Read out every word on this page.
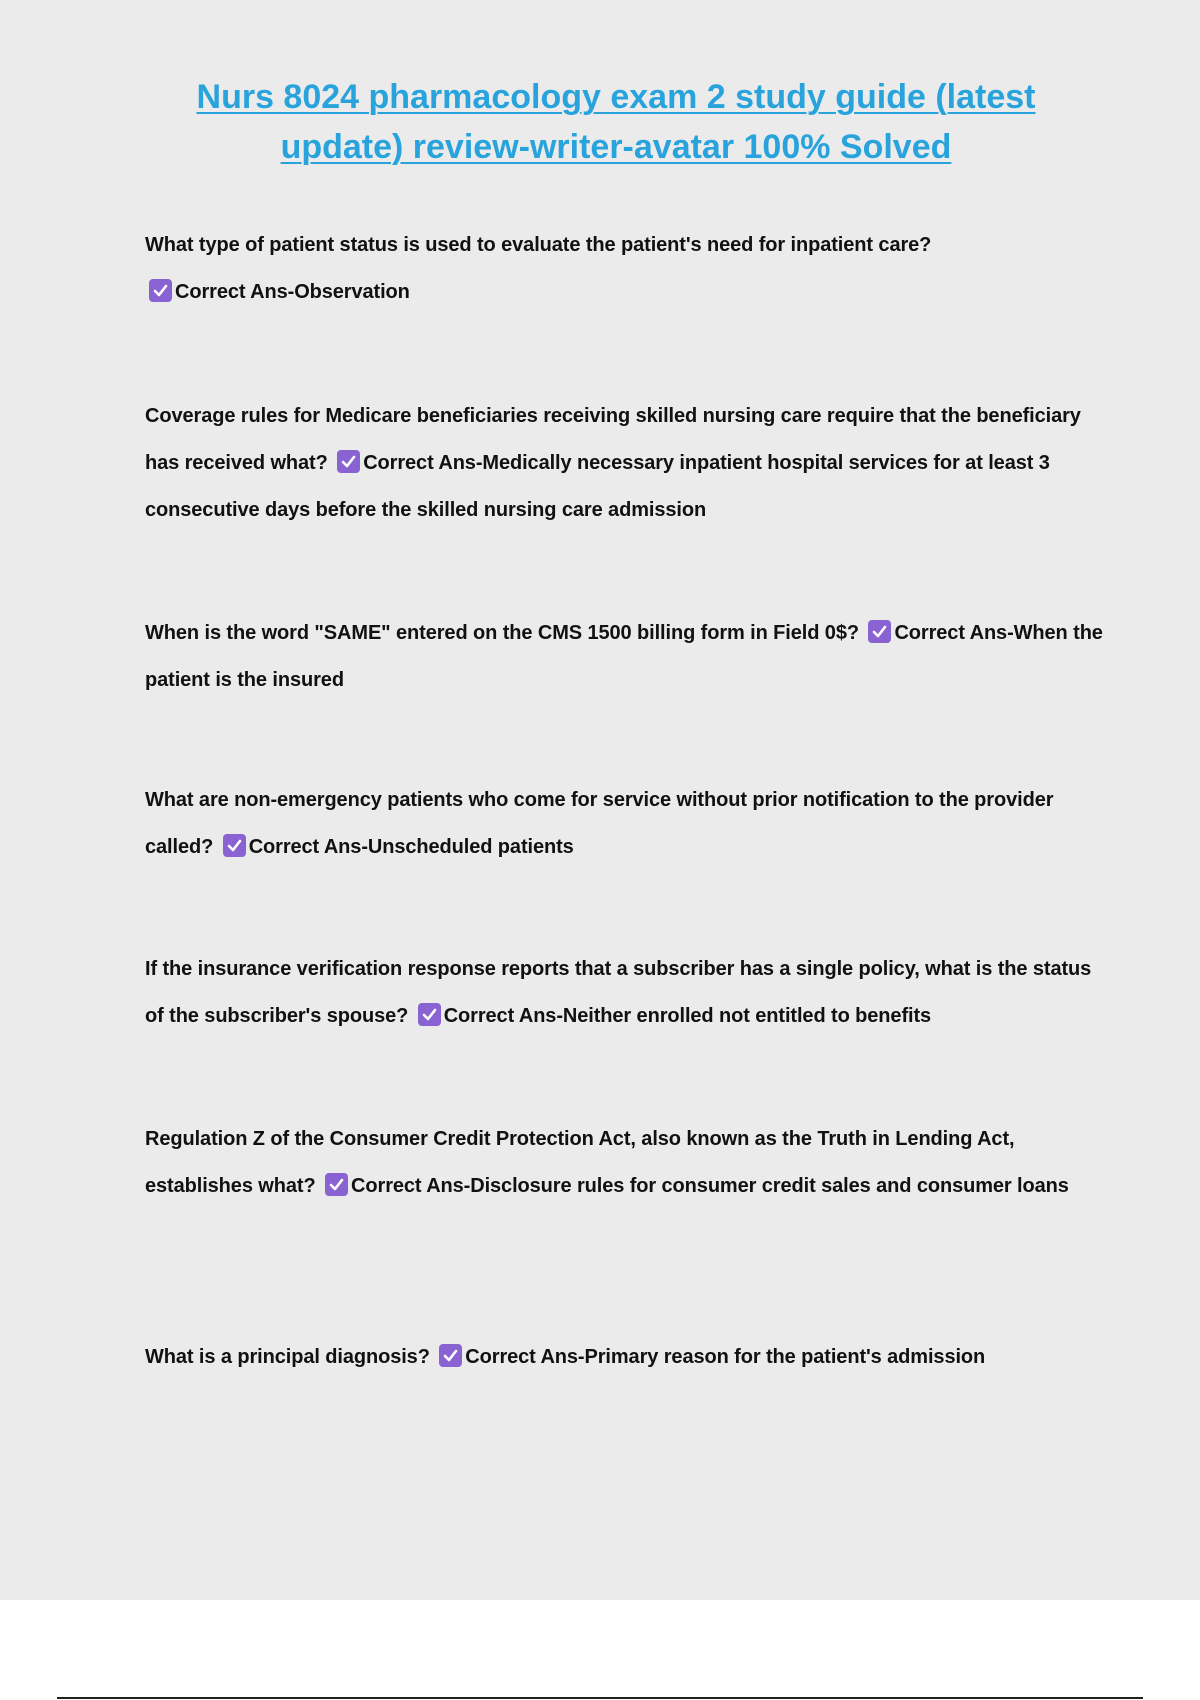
Nurs 8024 pharmacology exam 2 study guide (latest update) review-writer-avatar 100% Solved

What type of patient status is used to evaluate the patient's need for inpatient care?

Correct Ans-Observation

Coverage rules for Medicare beneficiaries receiving skilled nursing care require that the beneficiary has received what? Correct Ans-Medically necessary inpatient hospital services for at least 3 consecutive days before the skilled nursing care admission

When is the word "SAME" entered on the CMS 1500 billing form in Field 0$? Correct Ans-When the patient is the insured

What are non-emergency patients who come for service without prior notification to the provider called? Correct Ans-Unscheduled patients

If the insurance verification response reports that a subscriber has a single policy, what is the status of the subscriber's spouse? Correct Ans-Neither enrolled not entitled to benefits

Regulation Z of the Consumer Credit Protection Act, also known as the Truth in Lending Act, establishes what? Correct Ans-Disclosure rules for consumer credit sales and consumer loans

What is a principal diagnosis? Correct Ans-Primary reason for the patient's admission
